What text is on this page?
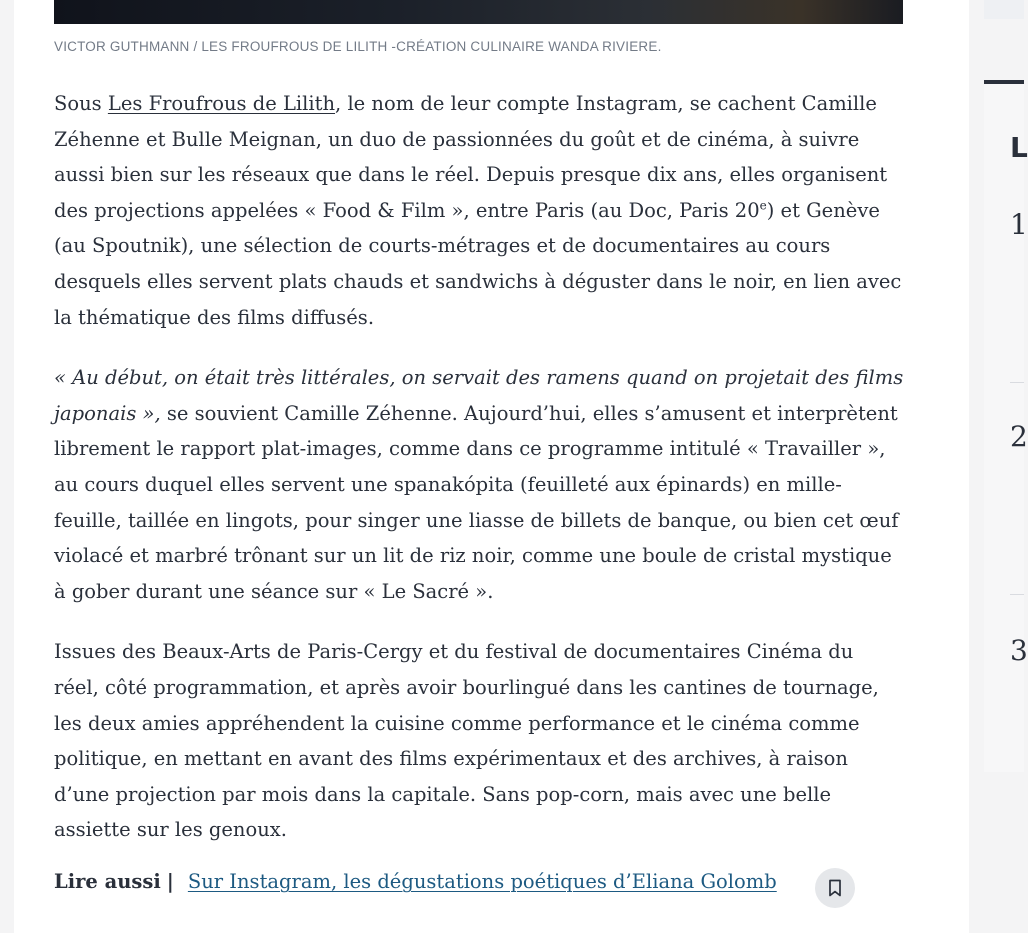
VICTOR GUTHMANN / LES FROUFROUS DE LILITH -CRÉATION CULINAIRE WANDA RIVIERE.

Sous Les Froufrous de Lilith, le nom de leur compte Instagram, se cachent Camille Zéhenne et Bulle Meignan, un duo de passionnées du goût et de cinéma, à suivre aussi bien sur les réseaux que dans le réel. Depuis presque dix ans, elles organisent des projections appelées « Food & Film », entre Paris (au Doc, Paris 20e) et Genève (au Spoutnik), une sélection de courts-métrages et de documentaires au cours desquels elles servent plats chauds et sandwichs à déguster dans le noir, en lien avec la thématique des films diffusés.

« Au début, on était très littérales, on servait des ramens quand on projetait des films japonais », se souvient Camille Zéhenne. Aujourd’hui, elles s’amusent et interprètent librement le rapport plat-images, comme dans ce programme intitulé « Travailler », au cours duquel elles servent une spanakópita (feuilleté aux épinards) en mille-feuille, taillée en lingots, pour singer une liasse de billets de banque, ou bien cet œuf violacé et marbré trônant sur un lit de riz noir, comme une boule de cristal mystique à gober durant une séance sur « Le Sacré ».

Issues des Beaux-Arts de Paris-Cergy et du festival de documentaires Cinéma du réel, côté programmation, et après avoir bourlingué dans les cantines de tournage, les deux amies appréhendent la cuisine comme performance et le cinéma comme politique, en mettant en avant des films expérimentaux et des archives, à raison d’une projection par mois dans la capitale. Sans pop-corn, mais avec une belle assiette sur les genoux.

Lire aussi | Sur Instagram, les dégustations poétiques d’Eliana Golomb
L
1
2
3
